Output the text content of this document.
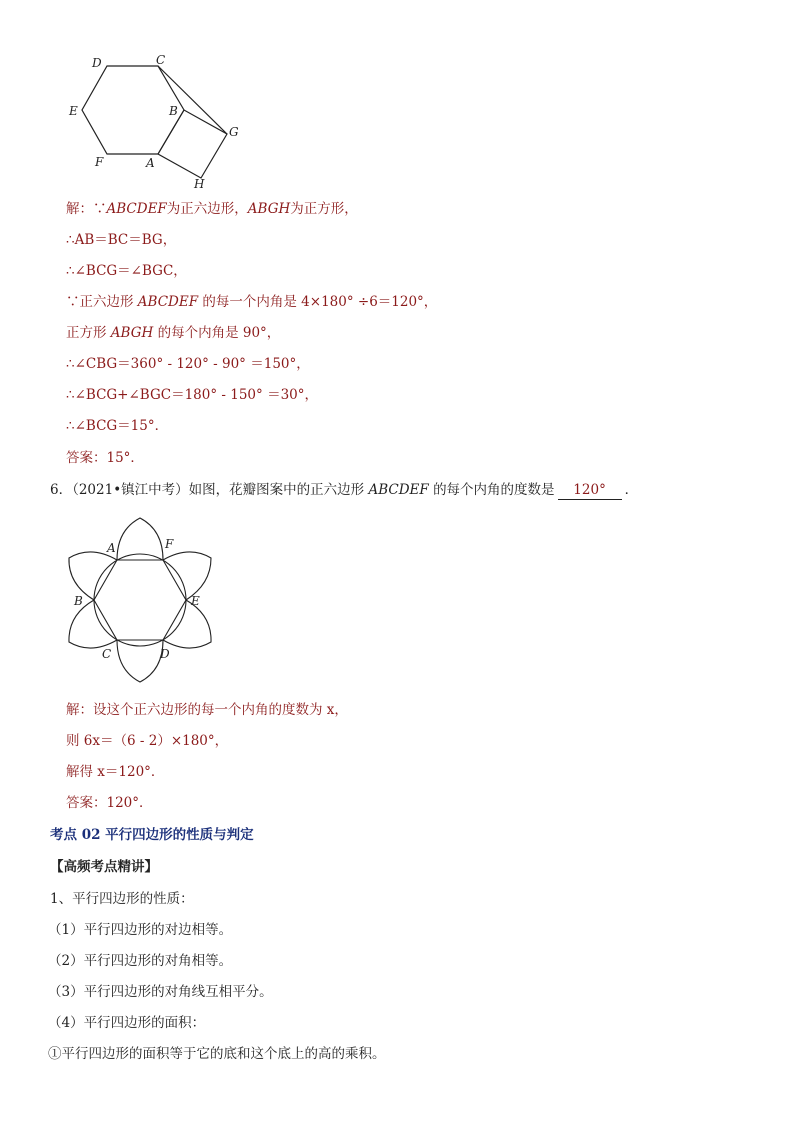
D	C
E	B
G
F	A
H
解：∵ABCDEF为正六边形，ABGH为正方形，
∴AB＝BC＝BG，
∴∠BCG＝∠BGC，
∵正六边形 ABCDEF 的每一个内角是 4×180° ÷6＝120°，
正方形 ABGH 的每个内角是 90°，
∴∠CBG＝360° - 120° - 90° ＝150°，
∴∠BCG+∠BGC＝180° - 150° ＝30°，
∴∠BCG＝15°．
答案：15°．
6．（2021•镇江中考）如图，花瓣图案中的正六边形 ABCDEF 的每个内角的度数是 120° ．
A	F
B	E
C	D
解：设这个正六边形的每一个内角的度数为 x，
则 6x＝（6 - 2）×180°，
解得 x＝120°．
答案：120°．
考点 02 平行四边形的性质与判定
【高频考点精讲】
1、平行四边形的性质：
（1）平行四边形的对边相等。
（2）平行四边形的对角相等。
（3）平行四边形的对角线互相平分。
（4）平行四边形的面积：
①平行四边形的面积等于它的底和这个底上的高的乘积。
